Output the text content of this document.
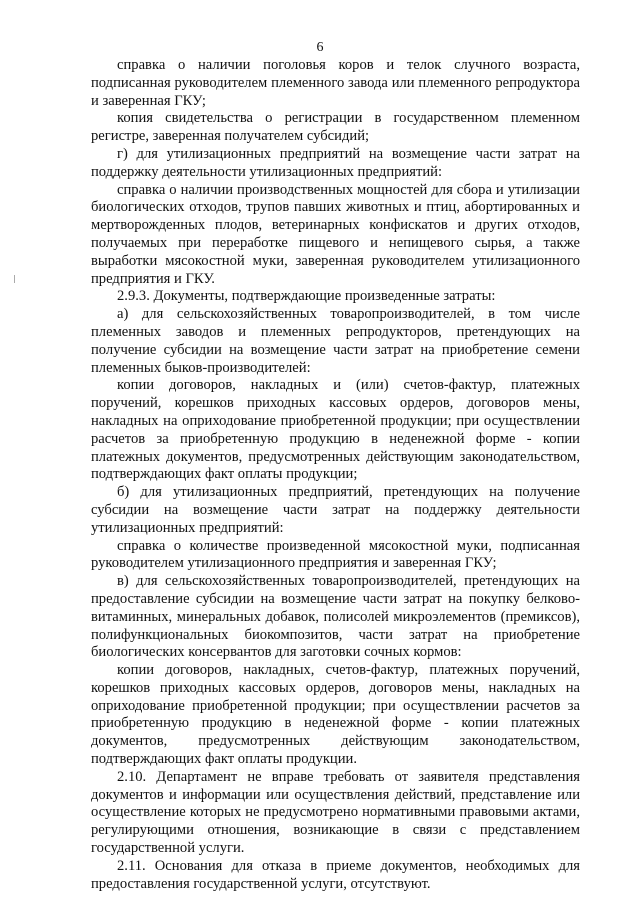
6

справка о наличии поголовья коров и телок случного возраста, подписанная руководителем племенного завода или племенного репродуктора и заверенная ГКУ;

копия свидетельства о регистрации в государственном племенном регистре, заверенная получателем субсидий;

г) для утилизационных предприятий на возмещение части затрат на поддержку деятельности утилизационных предприятий:

справка о наличии производственных мощностей для сбора и утилизации биологических отходов, трупов павших животных и птиц, абортированных и мертворожденных плодов, ветеринарных конфискатов и других отходов, получаемых при переработке пищевого и непищевого сырья, а также выработки мясокостной муки, заверенная руководителем утилизационного предприятия и ГКУ.

2.9.3. Документы, подтверждающие произведенные затраты:

а) для сельскохозяйственных товаропроизводителей, в том числе племенных заводов и племенных репродукторов, претендующих на получение субсидии на возмещение части затрат на приобретение семени племенных быков-производителей:

копии договоров, накладных и (или) счетов-фактур, платежных поручений, корешков приходных кассовых ордеров, договоров мены, накладных на оприходование приобретенной продукции; при осуществлении расчетов за приобретенную продукцию в неденежной форме - копии платежных документов, предусмотренных действующим законодательством, подтверждающих факт оплаты продукции;

б) для утилизационных предприятий, претендующих на получение субсидии на возмещение части затрат на поддержку деятельности утилизационных предприятий:

справка о количестве произведенной мясокостной муки, подписанная руководителем утилизационного предприятия и заверенная ГКУ;

в) для сельскохозяйственных товаропроизводителей, претендующих на предоставление субсидии на возмещение части затрат на покупку белково-витаминных, минеральных добавок, полисолей микроэлементов (премиксов), полифункциональных биокомпозитов, части затрат на приобретение биологических консервантов для заготовки сочных кормов:

копии договоров, накладных, счетов-фактур, платежных поручений, корешков приходных кассовых ордеров, договоров мены, накладных на оприходование приобретенной продукции; при осуществлении расчетов за приобретенную продукцию в неденежной форме - копии платежных документов, предусмотренных действующим законодательством, подтверждающих факт оплаты продукции.

2.10. Департамент не вправе требовать от заявителя представления документов и информации или осуществления действий, представление или осуществление которых не предусмотрено нормативными правовыми актами, регулирующими отношения, возникающие в связи с представлением государственной услуги.

2.11. Основания для отказа в приеме документов, необходимых для предоставления государственной услуги, отсутствуют.
